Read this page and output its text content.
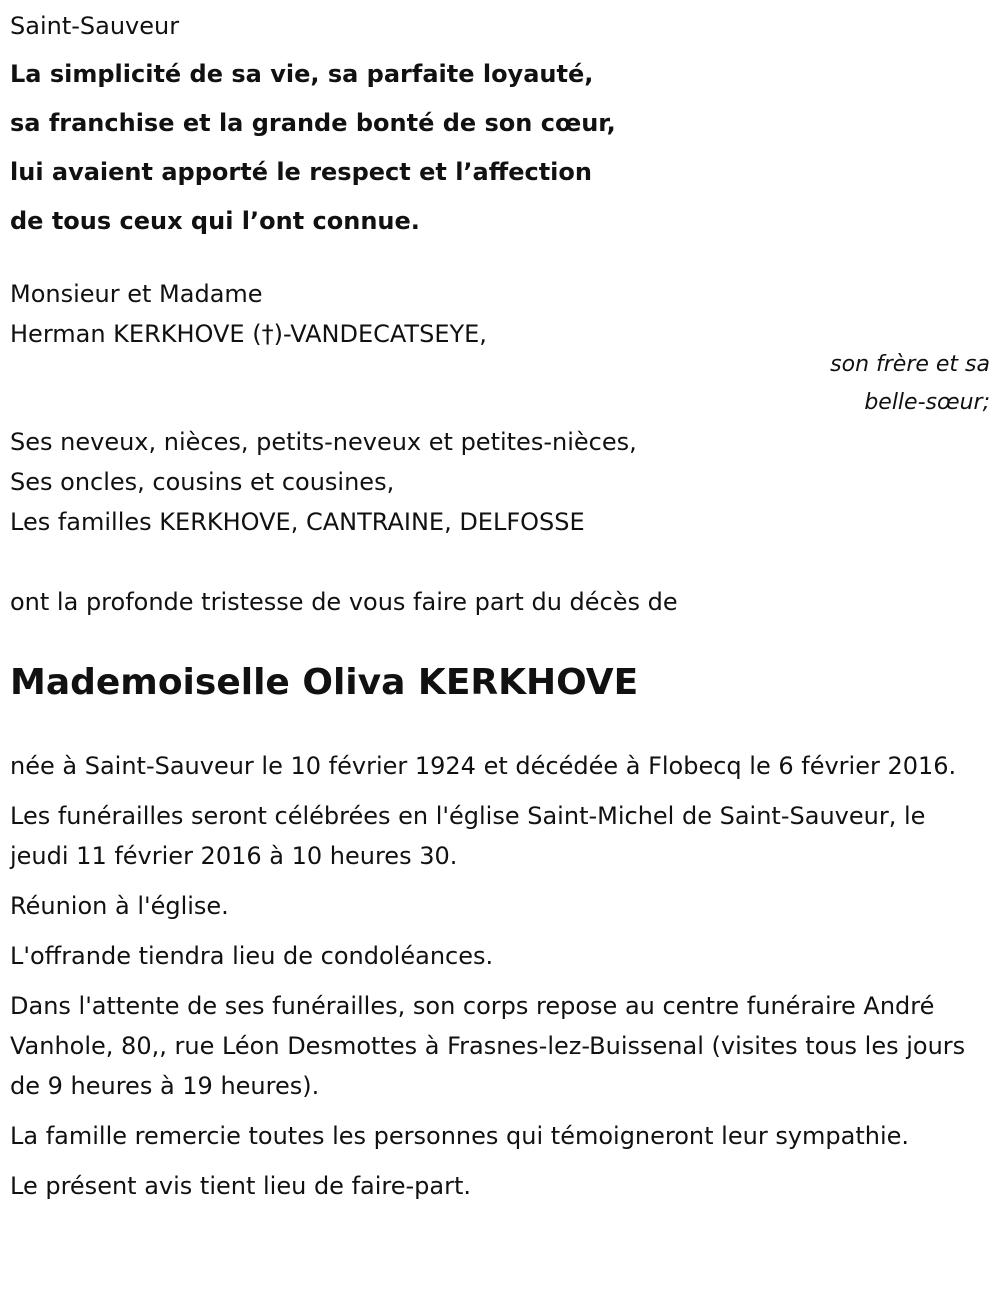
Saint-Sauveur
La simplicité de sa vie, sa parfaite loyauté,
sa franchise et la grande bonté de son cœur,
lui avaient apporté le respect et l’affection
de tous ceux qui l’ont connue.
Monsieur et Madame
Herman KERKHOVE (†)-VANDECATSEYE,
son frère et sa
belle-sœur;
Ses neveux, nièces, petits-neveux et petites-nièces,
Ses oncles, cousins et cousines,
Les familles KERKHOVE, CANTRAINE, DELFOSSE
ont la profonde tristesse de vous faire part du décès de
Mademoiselle Oliva KERKHOVE

née à Saint-Sauveur le 10 février 1924 et décédée à Flobecq le 6 février 2016.

Les funérailles seront célébrées en l'église Saint-Michel de Saint-Sauveur, le jeudi 11 février 2016 à 10 heures 30.

Réunion à l'église.

L'offrande tiendra lieu de condoléances.

Dans l'attente de ses funérailles, son corps repose au centre funéraire André Vanhole, 80,, rue Léon Desmottes à Frasnes-lez-Buissenal (visites tous les jours de 9 heures à 19 heures).

La famille remercie toutes les personnes qui témoigneront leur sympathie.

Le présent avis tient lieu de faire-part.
